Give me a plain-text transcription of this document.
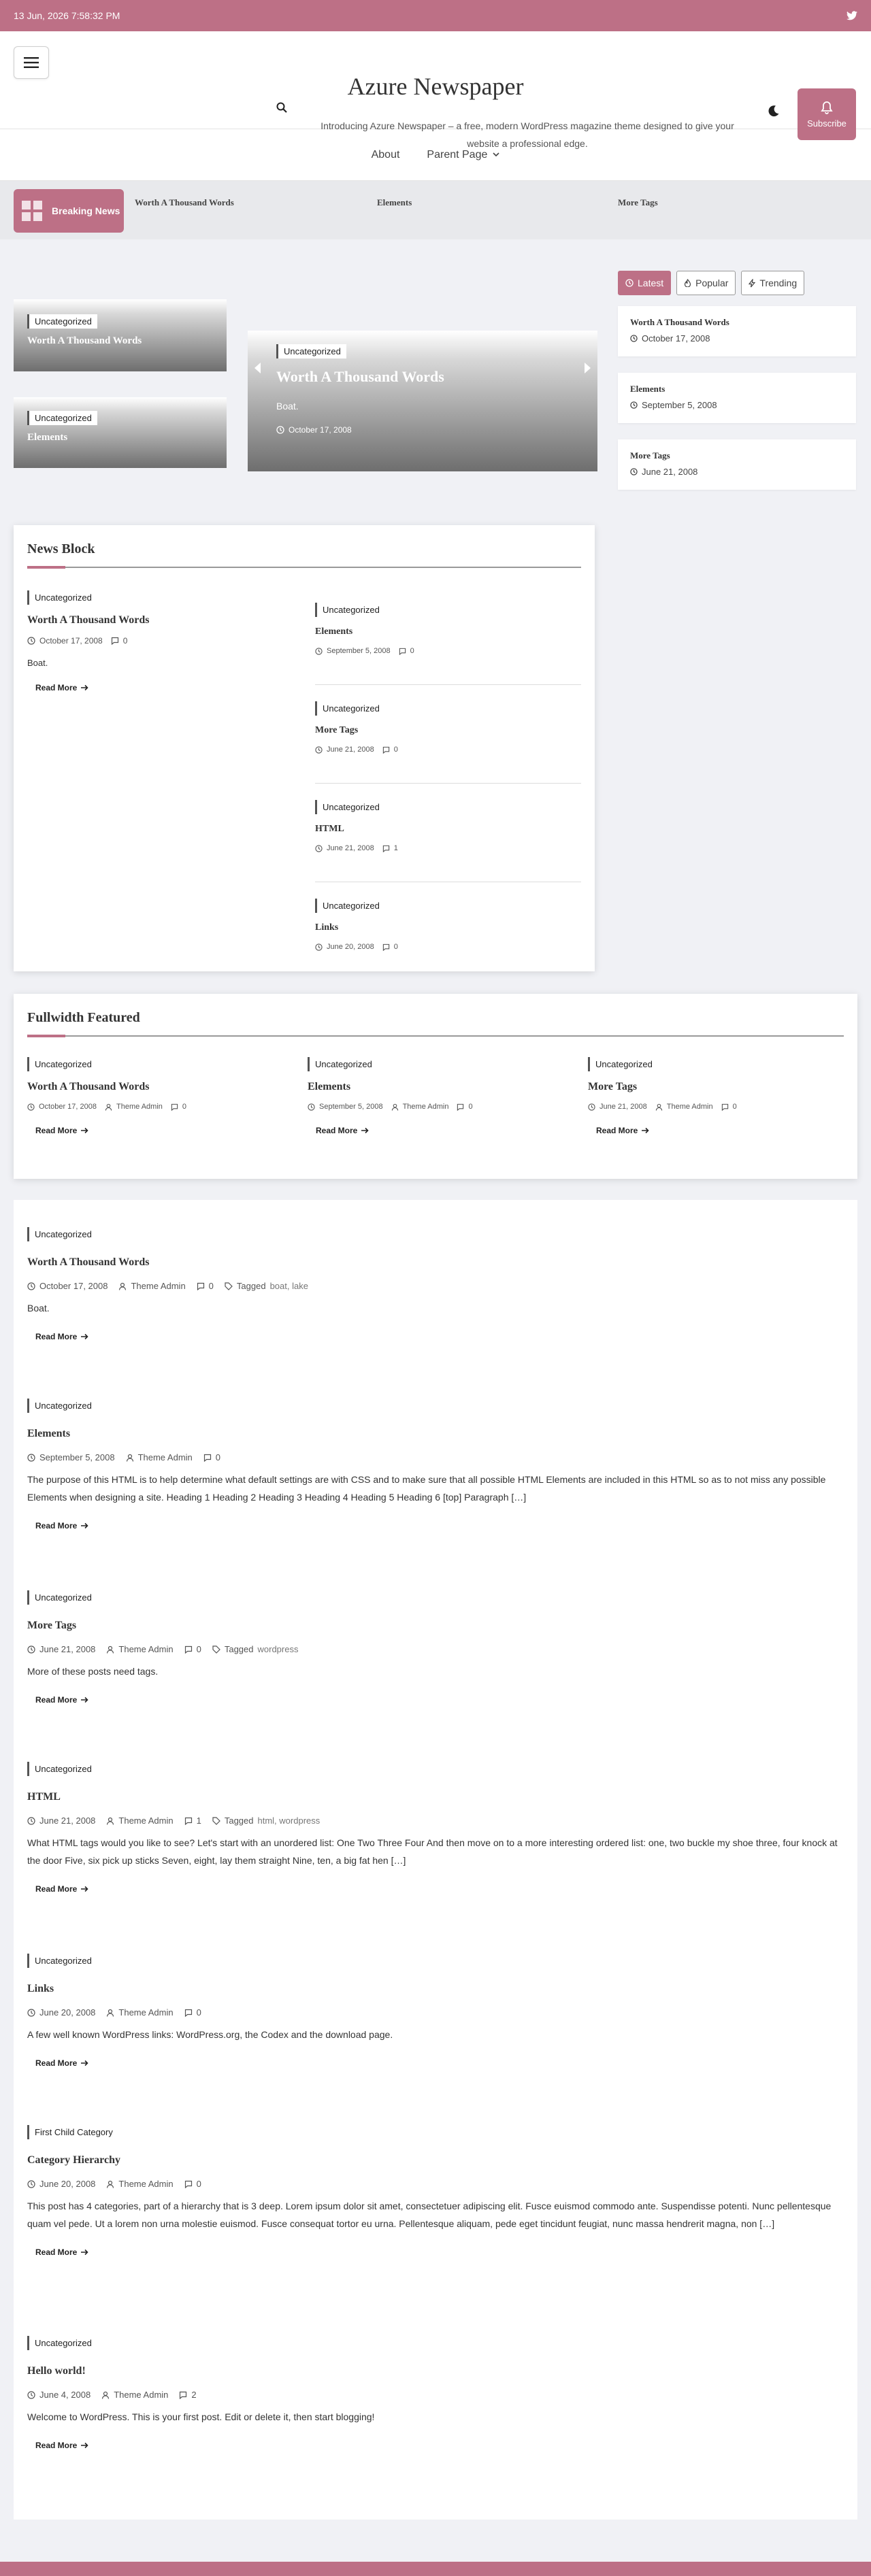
13 Jun, 2026 7:58:32 PM
Azure Newspaper
Introducing Azure Newspaper – a free, modern WordPress magazine theme designed to give your website a professional edge.
Subscribe
About	Parent Page
Breaking News
Worth A Thousand Words	Elements	More Tags
Uncategorized
Worth A Thousand Words
Uncategorized
Elements
Uncategorized
Worth A Thousand Words
Boat.
October 17, 2008
Latest	Popular	Trending
Worth A Thousand Words
October 17, 2008
Elements
September 5, 2008
More Tags
June 21, 2008
News Block
Uncategorized
Worth A Thousand Words
October 17, 2008	0
Boat.
Read More
Uncategorized
Elements
September 5, 2008	0
Uncategorized
More Tags
June 21, 2008	0
Uncategorized
HTML
June 21, 2008	1
Uncategorized
Links
June 20, 2008	0
Fullwidth Featured
Uncategorized
Worth A Thousand Words
October 17, 2008	Theme Admin	0
Read More
Uncategorized
Elements
September 5, 2008	Theme Admin	0
Read More
Uncategorized
More Tags
June 21, 2008	Theme Admin	0
Read More
Uncategorized
Worth A Thousand Words
October 17, 2008	Theme Admin	0	Tagged boat, lake
Boat.
Read More
Uncategorized
Elements
September 5, 2008	Theme Admin	0
The purpose of this HTML is to help determine what default settings are with CSS and to make sure that all possible HTML Elements are included in this HTML so as to not miss any possible Elements when designing a site. Heading 1 Heading 2 Heading 3 Heading 4 Heading 5 Heading 6 [top] Paragraph […]
Read More
Uncategorized
More Tags
June 21, 2008	Theme Admin	0	Tagged wordpress
More of these posts need tags.
Read More
Uncategorized
HTML
June 21, 2008	Theme Admin	1	Tagged html, wordpress
What HTML tags would you like to see? Let's start with an unordered list: One Two Three Four And then move on to a more interesting ordered list: one, two buckle my shoe three, four knock at the door Five, six pick up sticks Seven, eight, lay them straight Nine, ten, a big fat hen […]
Read More
Uncategorized
Links
June 20, 2008	Theme Admin	0
A few well known WordPress links: WordPress.org, the Codex and the download page.
Read More
First Child Category
Category Hierarchy
June 20, 2008	Theme Admin	0
This post has 4 categories, part of a hierarchy that is 3 deep. Lorem ipsum dolor sit amet, consectetuer adipiscing elit. Fusce euismod commodo ante. Suspendisse potenti. Nunc pellentesque quam vel pede. Ut a lorem non urna molestie euismod. Fusce consequat tortor eu urna. Pellentesque aliquam, pede eget tincidunt feugiat, nunc massa hendrerit magna, non […]
Read More
Uncategorized
Hello world!
June 4, 2008	Theme Admin	2
Welcome to WordPress. This is your first post. Edit or delete it, then start blogging!
Read More
